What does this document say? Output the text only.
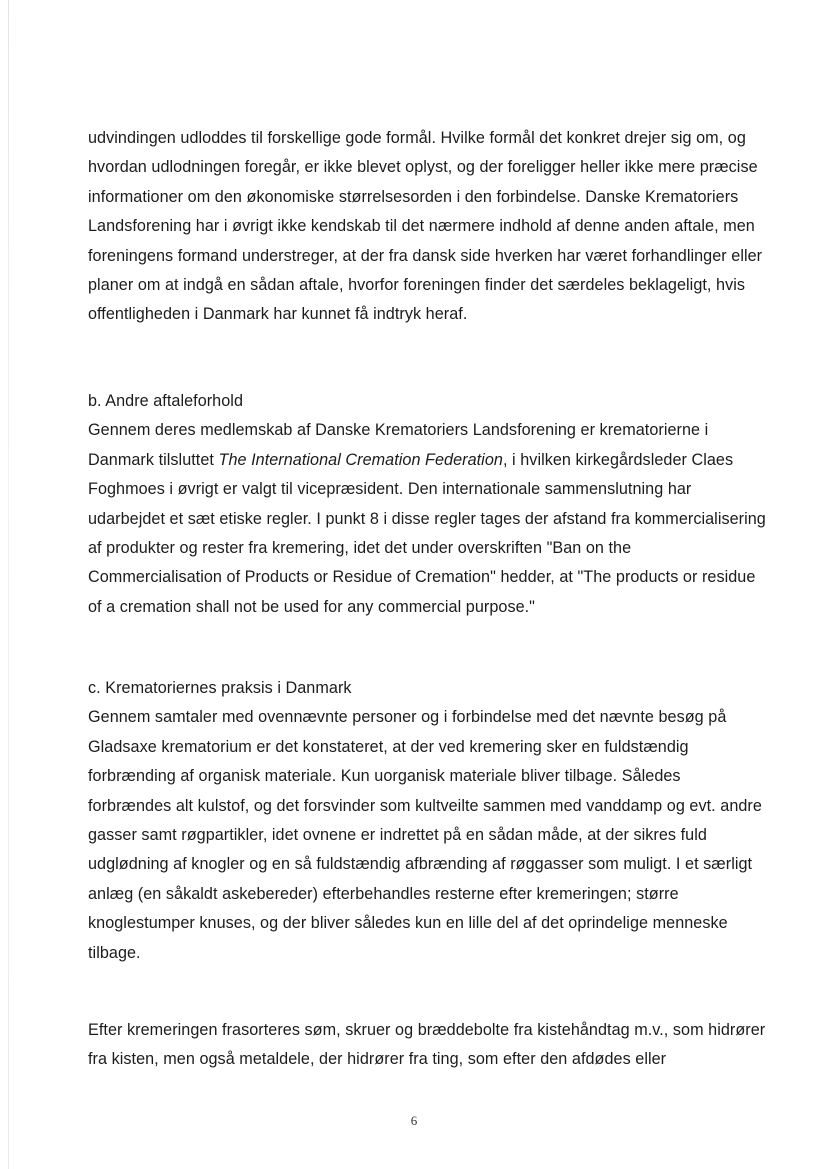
udvindingen udloddes til forskellige gode formål. Hvilke formål det konkret drejer sig om, og hvordan udlodningen foregår, er ikke blevet oplyst, og der foreligger heller ikke mere præcise informationer om den økonomiske størrelsesorden i den forbindelse. Danske Krematoriers Landsforening har i øvrigt ikke kendskab til det nærmere indhold af denne anden aftale, men foreningens formand understreger, at der fra dansk side hverken har været forhandlinger eller planer om at indgå en sådan aftale, hvorfor foreningen finder det særdeles beklageligt, hvis offentligheden i Danmark har kunnet få indtryk heraf.

b. Andre aftaleforhold
Gennem deres medlemskab af Danske Krematoriers Landsforening er krematorierne i Danmark tilsluttet The International Cremation Federation, i hvilken kirkegårdsleder Claes Foghmoes i øvrigt er valgt til vicepræsident. Den internationale sammenslutning har udarbejdet et sæt etiske regler. I punkt 8 i disse regler tages der afstand fra kommercialisering af produkter og rester fra kremering, idet det under overskriften "Ban on the Commercialisation of Products or Residue of Cremation" hedder, at "The products or residue of a cremation shall not be used for any commercial purpose."

c. Krematoriernes praksis i Danmark
Gennem samtaler med ovennævnte personer og i forbindelse med det nævnte besøg på Gladsaxe krematorium er det konstateret, at der ved kremering sker en fuldstændig forbrænding af organisk materiale. Kun uorganisk materiale bliver tilbage. Således forbrændes alt kulstof, og det forsvinder som kultveilte sammen med vanddamp og evt. andre gasser samt røgpartikler, idet ovnene er indrettet på en sådan måde, at der sikres fuld udglødning af knogler og en så fuldstændig afbrænding af røggasser som muligt. I et særligt anlæg (en såkaldt askebereder) efterbehandles resterne efter kremeringen; større knoglestumper knuses, og der bliver således kun en lille del af det oprindelige menneske tilbage.

Efter kremeringen frasorteres søm, skruer og bræddebolte fra kistehåndtag m.v., som hidrører fra kisten, men også metaldele, der hidrører fra ting, som efter den afdødes eller

6
